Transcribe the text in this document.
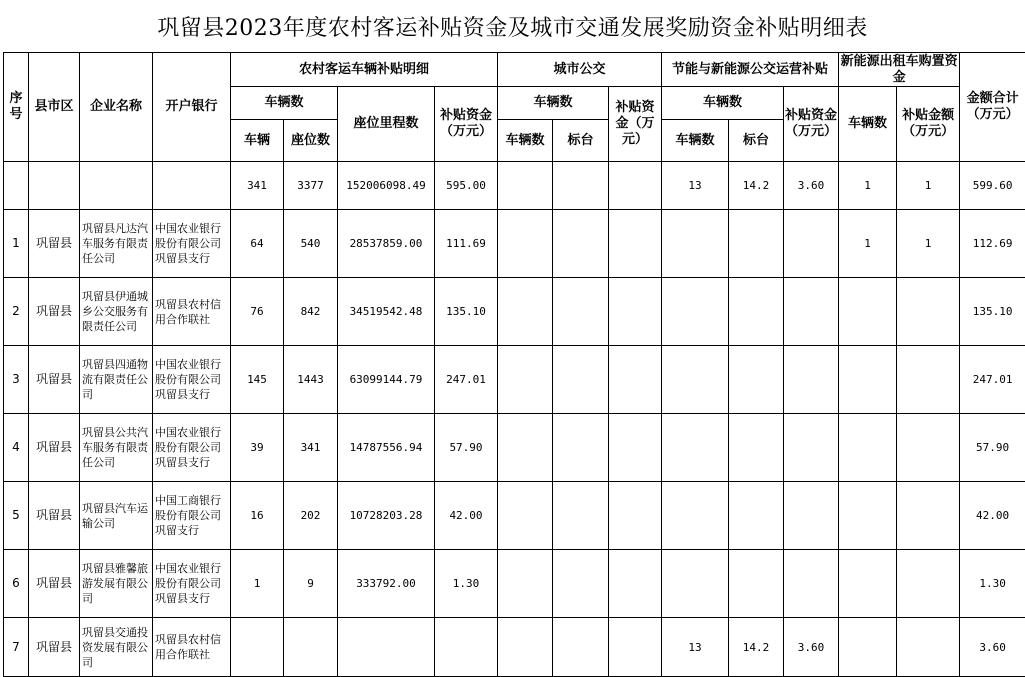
巩留县2023年度农村客运补贴资金及城市交通发展奖励资金补贴明细表
序号	县市区	企业名称	开户银行	农村客运车辆补贴明细				城市公交			节能与新能源公交运营补贴			新能源出租车购置资金		金额合计（万元）
				车辆数		座位里程数	补贴资金（万元）	车辆数		补贴资金（万元）	车辆数		补贴资金（万元）	车辆数	补贴金额（万元）	
				车辆	座位数			车辆数	标台		车辆数	标台				
				341	3377	152006098.49	595.00				13	14.2	3.60	1	1	599.60
1	巩留县	巩留县凡达汽车服务有限责任公司	中国农业银行股份有限公司巩留县支行	64	540	28537859.00	111.69							1	1	112.69
2	巩留县	巩留县伊通城乡公交服务有限责任公司	巩留县农村信用合作联社	76	842	34519542.48	135.10									135.10
3	巩留县	巩留县四通物流有限责任公司	中国农业银行股份有限公司巩留县支行	145	1443	63099144.79	247.01									247.01
4	巩留县	巩留县公共汽车服务有限责任公司	中国农业银行股份有限公司巩留县支行	39	341	14787556.94	57.90									57.90
5	巩留县	巩留县汽车运输公司	中国工商银行股份有限公司巩留支行	16	202	10728203.28	42.00									42.00
6	巩留县	巩留县雅馨旅游发展有限公司	中国农业银行股份有限公司巩留县支行	1	9	333792.00	1.30									1.30
7	巩留县	巩留县交通投资发展有限公司	巩留县农村信用合作联社								13	14.2	3.60			3.60
